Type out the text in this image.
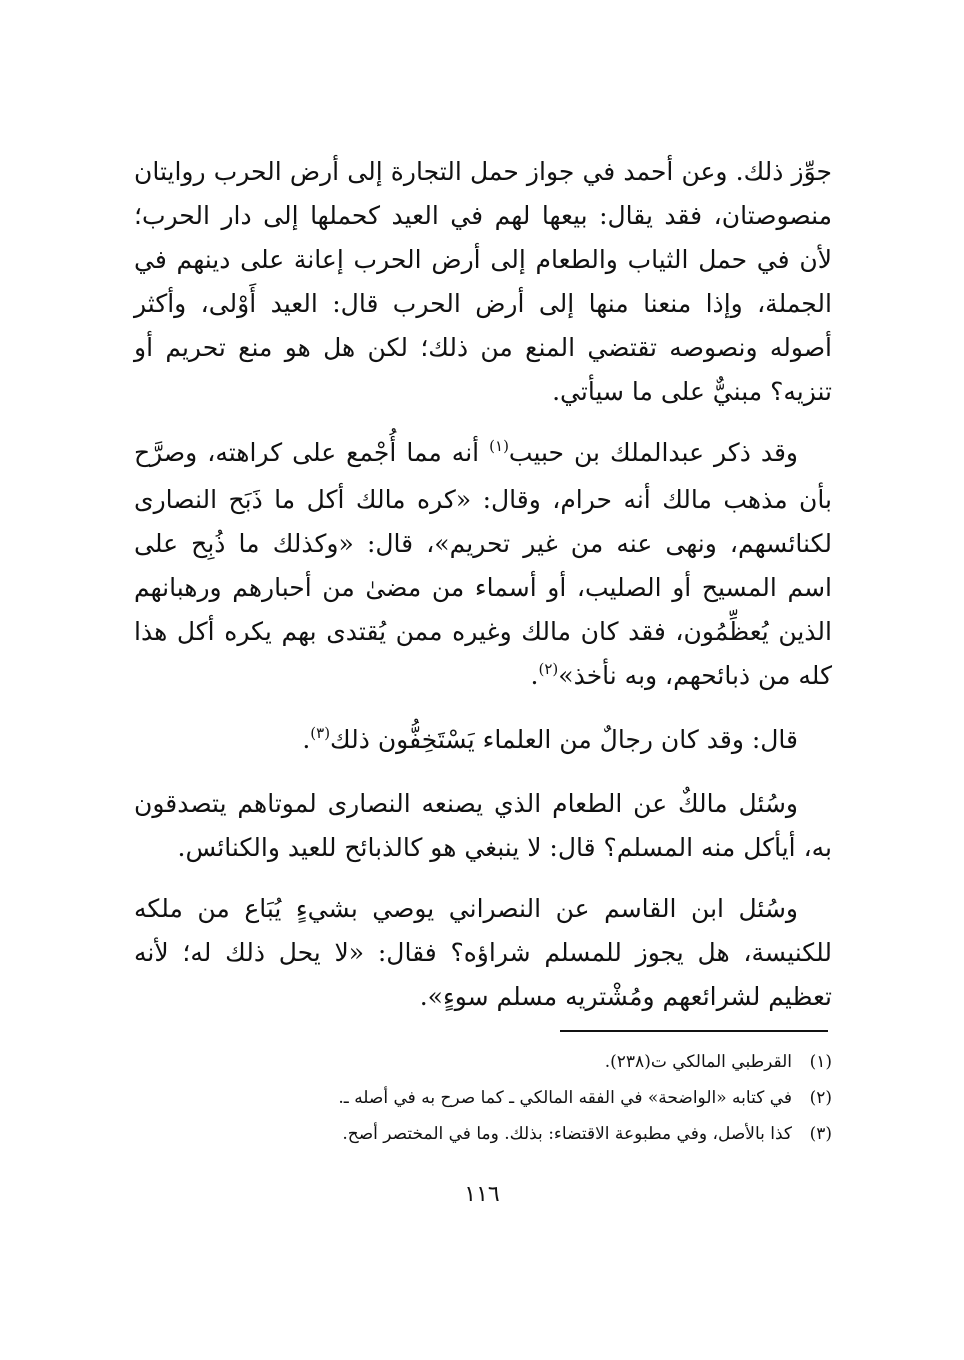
جوِّز ذلك. وعن أحمد في جواز حمل التجارة إلى أرض الحرب روايتان منصوصتان، فقد يقال: بيعها لهم في العيد كحملها إلى دار الحرب؛ لأن في حمل الثياب والطعام إلى أرض الحرب إعانة على دينهم في الجملة، وإذا منعنا منها إلى أرض الحرب قال: العيد أَوْلى، وأكثر أصوله ونصوصه تقتضي المنع من ذلك؛ لكن هل هو منع تحريم أو تنزيه؟ مبنيٌّ على ما سيأتي.

وقد ذكر عبدالملك بن حبيب$^{(١)}$ أنه مما أُجْمع على كراهته، وصرَّح بأن مذهب مالك أنه حرام، وقال: «كره مالك أكل ما ذَبَح النصارى لكنائسهم، ونهى عنه من غير تحريم»، قال: «وكذلك ما ذُبِح على اسم المسيح أو الصليب، أو أسماء من مضىٰ من أحبارهم ورهبانهم الذين يُعظِّمُون، فقد كان مالك وغيره ممن يُقتدى بهم يكره أكل هذا كله من ذبائحهم، وبه نأخذ»$^{(٢)}$.

قال: وقد كان رجالٌ من العلماء يَسْتَخِفُّون ذلك$^{(٣)}$.

وسُئل مالكٌ عن الطعام الذي يصنعه النصارى لموتاهم يتصدقون به، أيأكل منه المسلم؟ قال: لا ينبغي هو كالذبائح للعيد والكنائس.

وسُئل ابن القاسم عن النصراني يوصي بشيءٍ يُبَاع من ملكه للكنيسة، هل يجوز للمسلم شراؤه؟ فقال: «لا يحل ذلك له؛ لأنه تعظيم لشرائعهم ومُشْتريه مسلم سوءٍ».

(١)القرطبي المالكي ت(٢٣٨).
(٢)في كتابه «الواضحة» في الفقه المالكي ـ كما صرح به في أصله ـ.
(٣)كذا بالأصل، وفي مطبوعة الاقتضاء: بذلك. وما في المختصر أصح.
١١٦
